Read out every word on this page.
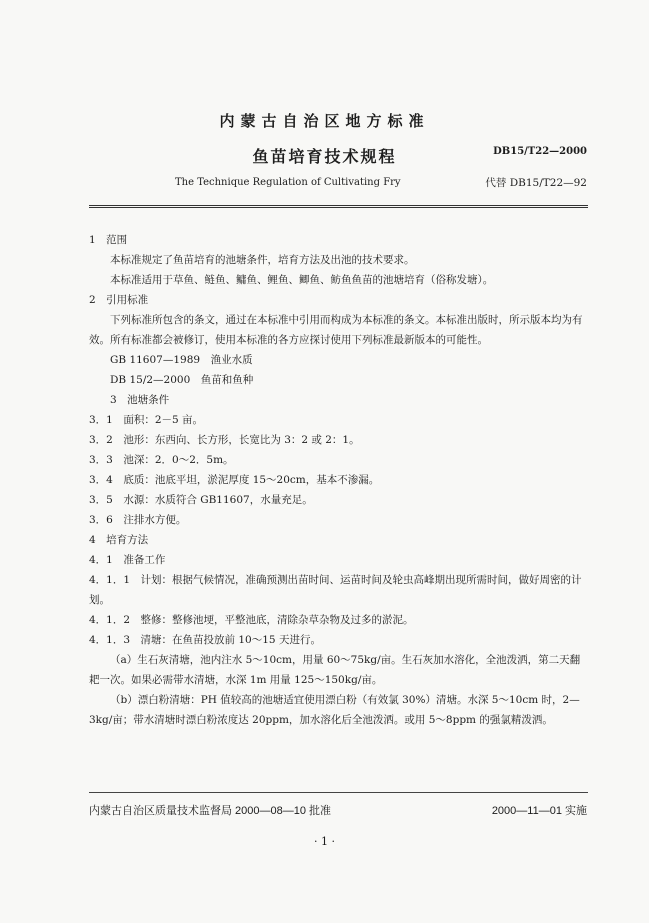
内蒙古自治区地方标准
鱼苗培育技术规程	DB15/T22—2000
The Technique Regulation of Cultivating Fry	代替 DB15/T22—92
1　范围
本标准规定了鱼苗培育的池塘条件，培育方法及出池的技术要求。
本标准适用于草鱼、鲢鱼、鳙鱼、鲤鱼、鲫鱼、鲂鱼鱼苗的池塘培育（俗称发塘）。
2　引用标准
下列标准所包含的条文，通过在本标准中引用而构成为本标准的条文。本标准出版时，所示版本均为有效。所有标准都会被修订，使用本标准的各方应探讨使用下列标准最新版本的可能性。
GB 11607—1989　渔业水质
DB 15/2—2000　鱼苗和鱼种
3　池塘条件
3．1　面积：2－5 亩。
3．2　池形：东西向、长方形，长宽比为 3：2 或 2：1。
3．3　池深：2．0～2．5m。
3．4　底质：池底平坦，淤泥厚度 15～20cm，基本不渗漏。
3．5　水源：水质符合 GB11607，水量充足。
3．6　注排水方便。
4　培育方法
4．1　准备工作
4．1．1　计划：根据气候情况，准确预测出苗时间、运苗时间及轮虫高峰期出现所需时间，做好周密的计划。
4．1．2　整修：整修池埂，平整池底，清除杂草杂物及过多的淤泥。
4．1．3　清塘：在鱼苗投放前 10～15 天进行。
（a）生石灰清塘，池内注水 5～10cm，用量 60～75kg/亩。生石灰加水溶化，全池泼洒，第二天翻耙一次。如果必需带水清塘，水深 1m 用量 125～150kg/亩。
（b）漂白粉清塘：PH 值较高的池塘适宜使用漂白粉（有效氯 30%）清塘。水深 5～10cm 时，2—3kg/亩；带水清塘时漂白粉浓度达 20ppm，加水溶化后全池泼洒。或用 5～8ppm 的强氯精泼洒。
内蒙古自治区质量技术监督局 2000—08—10 批准	2000—11—01 实施
· 1 ·
